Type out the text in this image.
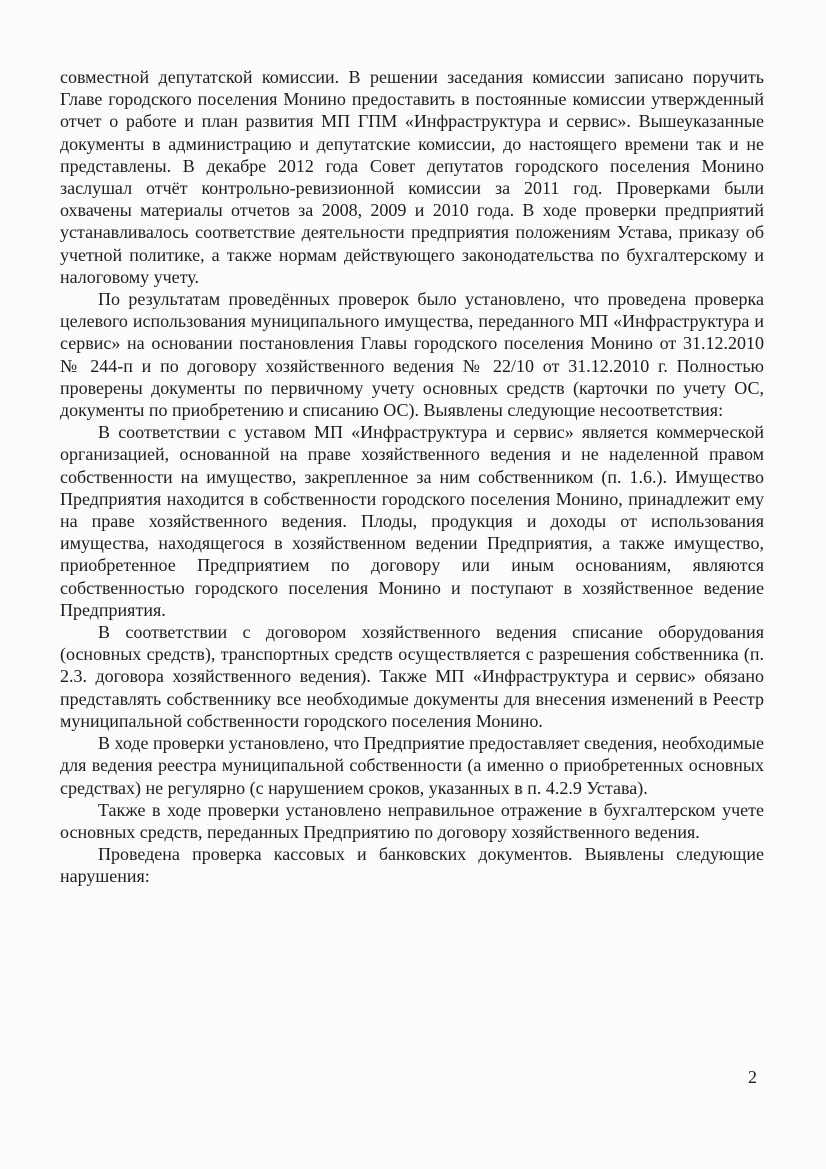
совместной депутатской комиссии. В решении заседания комиссии записано поручить Главе городского поселения Монино предоставить в постоянные комиссии утвержденный отчет о работе и план развития МП ГПМ «Инфраструктура и сервис». Вышеуказанные документы в администрацию и депутатские комиссии, до настоящего времени так и не представлены. В декабре 2012 года Совет депутатов городского поселения Монино заслушал отчёт контрольно-ревизионной комиссии за 2011 год. Проверками были охвачены материалы отчетов за 2008, 2009 и 2010 года. В ходе проверки предприятий устанавливалось соответствие деятельности предприятия положениям Устава, приказу об учетной политике, а также нормам действующего законодательства по бухгалтерскому и налоговому учету.

По результатам проведённых проверок было установлено, что проведена проверка целевого использования муниципального имущества, переданного МП «Инфраструктура и сервис» на основании постановления Главы городского поселения Монино от 31.12.2010 № 244-п и по договору хозяйственного ведения № 22/10 от 31.12.2010 г. Полностью проверены документы по первичному учету основных средств (карточки по учету ОС, документы по приобретению и списанию ОС). Выявлены следующие несоответствия:

В соответствии с уставом МП «Инфраструктура и сервис» является коммерческой организацией, основанной на праве хозяйственного ведения и не наделенной правом собственности на имущество, закрепленное за ним собственником (п. 1.6.). Имущество Предприятия находится в собственности городского поселения Монино, принадлежит ему на праве хозяйственного ведения. Плоды, продукция и доходы от использования имущества, находящегося в хозяйственном ведении Предприятия, а также имущество, приобретенное Предприятием по договору или иным основаниям, являются собственностью городского поселения Монино и поступают в хозяйственное ведение Предприятия.

В соответствии с договором хозяйственного ведения списание оборудования (основных средств), транспортных средств осуществляется с разрешения собственника (п. 2.3. договора хозяйственного ведения). Также МП «Инфраструктура и сервис» обязано представлять собственнику все необходимые документы для внесения изменений в Реестр муниципальной собственности городского поселения Монино.

В ходе проверки установлено, что Предприятие предоставляет сведения, необходимые для ведения реестра муниципальной собственности (а именно о приобретенных основных средствах) не регулярно (с нарушением сроков, указанных в п. 4.2.9 Устава).

Также в ходе проверки установлено неправильное отражение в бухгалтерском учете основных средств, переданных Предприятию по договору хозяйственного ведения.

Проведена проверка кассовых и банковских документов. Выявлены следующие нарушения:

2
